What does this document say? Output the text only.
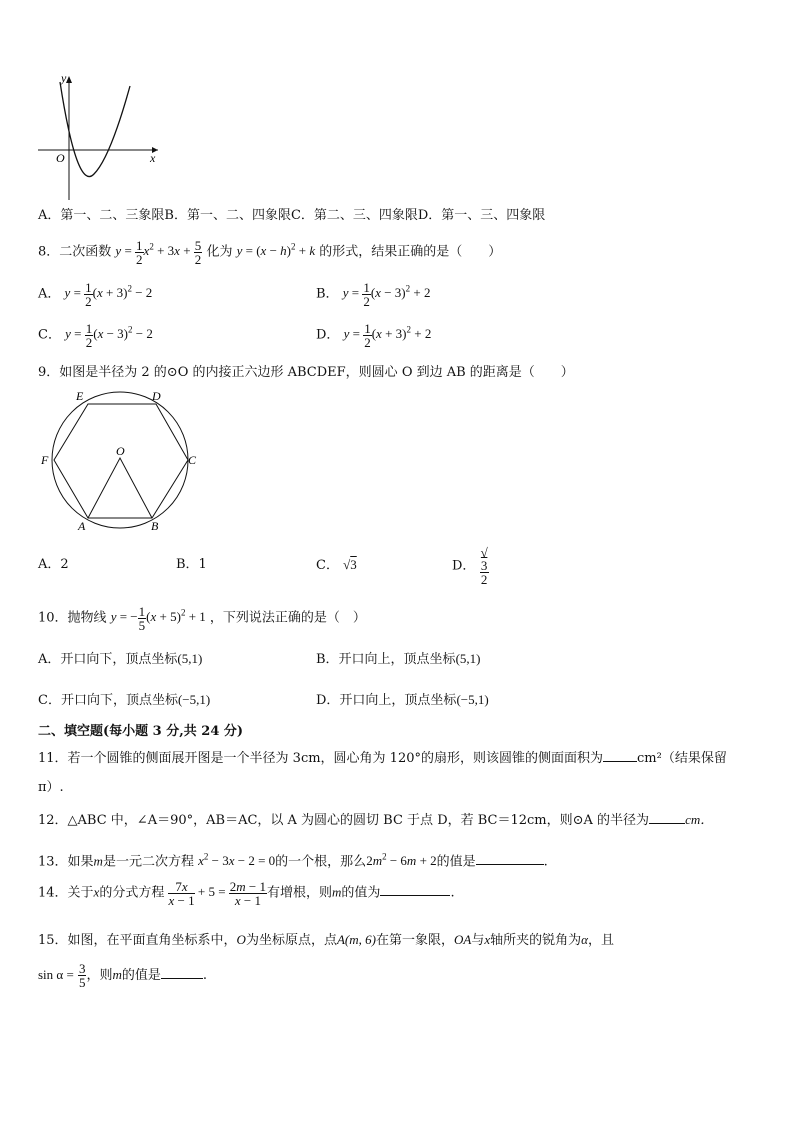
y
x
O
A．第一、二、三象限B．第一、二、四象限C．第二、三、四象限D．第一、三、四象限
8．二次函数 $y = \frac{1}{2} x^2 + 3x + \frac{5}{2}$ 化为 $y = (x - h)^2 + k$ 的形式，结果正确的是（　　）
A． $y = \frac{1}{2} (x + 3)^2 - 2$	B． $y = \frac{1}{2} (x - 3)^2 + 2$
C． $y = \frac{1}{2} (x - 3)^2 - 2$	D． $y = \frac{1}{2} (x + 3)^2 + 2$
9．如图是半径为 2 的⊙O 的内接正六边形 ABCDEF，则圆心 O 到边 AB 的距离是（　　）
E	D
F	C
O
A	B
A．2	B．1	C． √3	D． √
3
2
10．抛物线 y = − $\frac{1}{5} (x + 5)^2 + 1$ ，下列说法正确的是（　）
A．开口向下，顶点坐标(5,1)	B．开口向上，顶点坐标(5,1)
C．开口向下，顶点坐标(−5,1)	D．开口向上，顶点坐标(−5,1)
二、填空题(每小题 3 分,共 24 分)
11．若一个圆锥的侧面展开图是一个半径为 3cm，圆心角为 120°的扇形，则该圆锥的侧面面积为	cm²（结果保留
π）.
12．△ABC 中，∠A＝90°，AB＝AC，以 A 为圆心的圆切 BC 于点 D，若 BC＝12cm，则⊙A 的半径为	cm．
13．如果m是一元二次方程 $x^2 - 3x - 2 = 0$的一个根，那么$2m^2 - 6m + 2$的值是	.
14．关于x的分式方程 $\frac{7x}{x - 1} + 5 = \frac{2m - 1}{x - 1}$ 有增根，则m的值为	.
15．如图，在平面直角坐标系中，O为坐标原点，点A(m, 6)在第一象限，OA与x轴所夹的锐角为α，且
$\sin \alpha = \frac{3}{5}$ ，则m的值是	.
